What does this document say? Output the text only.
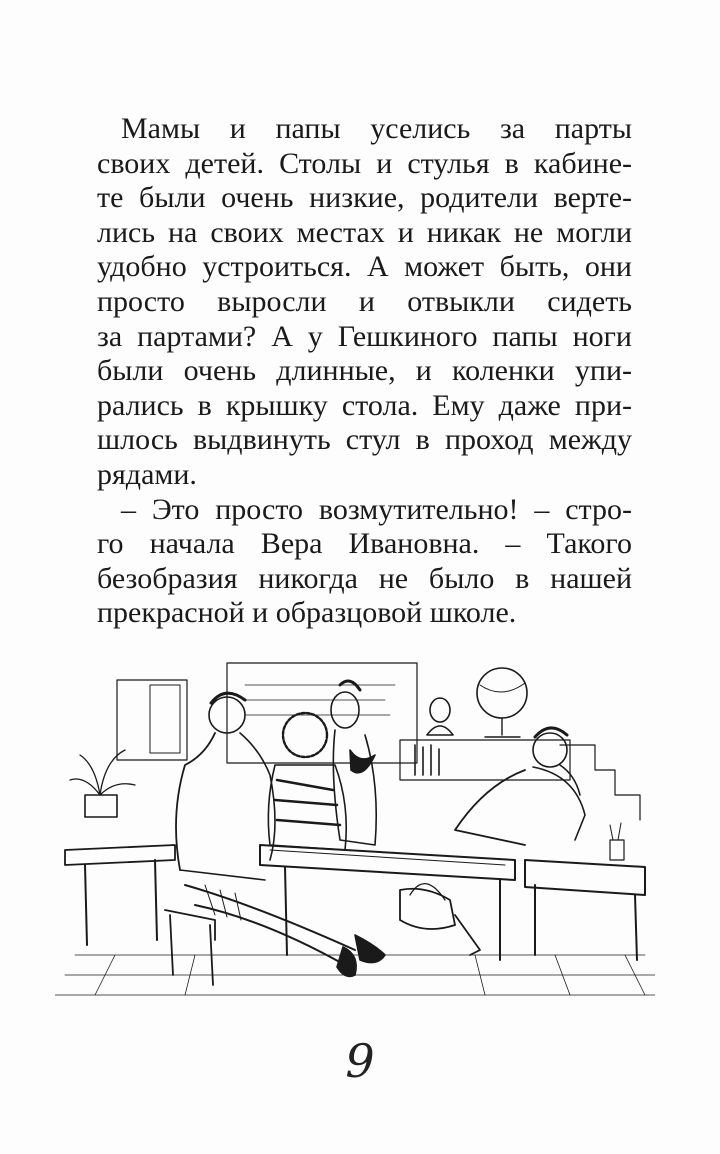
Мамы и папы уселись за парты
своих детей. Столы и стулья в кабине-
те были очень низкие, родители верте-
лись на своих местах и никак не могли
удобно устроиться. А может быть, они
просто выросли и отвыкли сидеть
за партами? А у Гешкиного папы ноги
были очень длинные, и коленки упи-
рались в крышку стола. Ему даже при-
шлось выдвинуть стул в проход между
рядами.
– Это просто возмутительно! – стро-
го начала Вера Ивановна. – Такого
безобразия никогда не было в нашей
прекрасной и образцовой школе.
9
